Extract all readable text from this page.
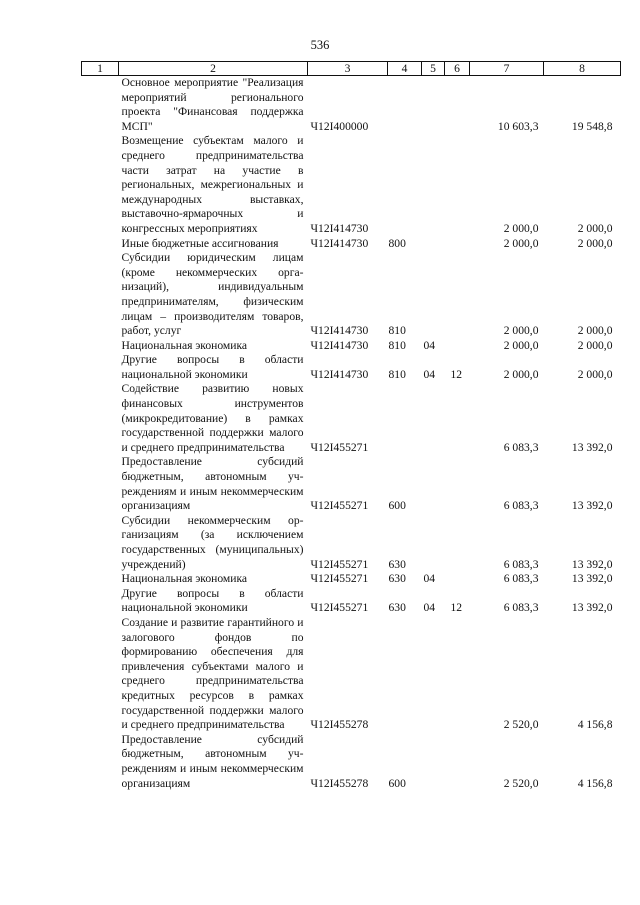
536
1	2	3	4	5	6	7	8
	Основное мероприятие "Реализация мероприятий регионального проекта "Финансовая поддержка МСП"	Ч12I400000				10 603,3	19 548,8
	Возмещение субъектам малого и среднего предпринимательства части затрат на участие в региональных, межрегиональных и международных выставках, выставочно-ярмарочных и конгрессных мероприятиях	Ч12I414730				2 000,0	2 000,0
	Иные бюджетные ассигнования	Ч12I414730	800			2 000,0	2 000,0
	Субсидии юридическим лицам (кроме некоммерческих организаций), индивидуальным предпринимателям, физическим лицам – производителям товаров, работ, услуг	Ч12I414730	810			2 000,0	2 000,0
	Национальная экономика	Ч12I414730	810	04		2 000,0	2 000,0
	Другие вопросы в области национальной экономики	Ч12I414730	810	04	12	2 000,0	2 000,0
	Содействие развитию новых финансовых инструментов (микрокредитование) в рамках государственной поддержки малого и среднего предпринимательства	Ч12I455271				6 083,3	13 392,0
	Предоставление субсидий бюджетным, автономным учреждениям и иным некоммерческим организациям	Ч12I455271	600			6 083,3	13 392,0
	Субсидии некоммерческим организациям (за исключением государственных (муниципальных) учреждений)	Ч12I455271	630			6 083,3	13 392,0
	Национальная экономика	Ч12I455271	630	04		6 083,3	13 392,0
	Другие вопросы в области национальной экономики	Ч12I455271	630	04	12	6 083,3	13 392,0
	Создание и развитие гарантийного и залогового фондов по формированию обеспечения для привлечения субъектами малого и среднего предпринимательства кредитных ресурсов в рамках государственной поддержки малого и среднего предпринимательства	Ч12I455278				2 520,0	4 156,8
	Предоставление субсидий бюджетным, автономным учреждениям и иным некоммерческим организациям	Ч12I455278	600			2 520,0	4 156,8
